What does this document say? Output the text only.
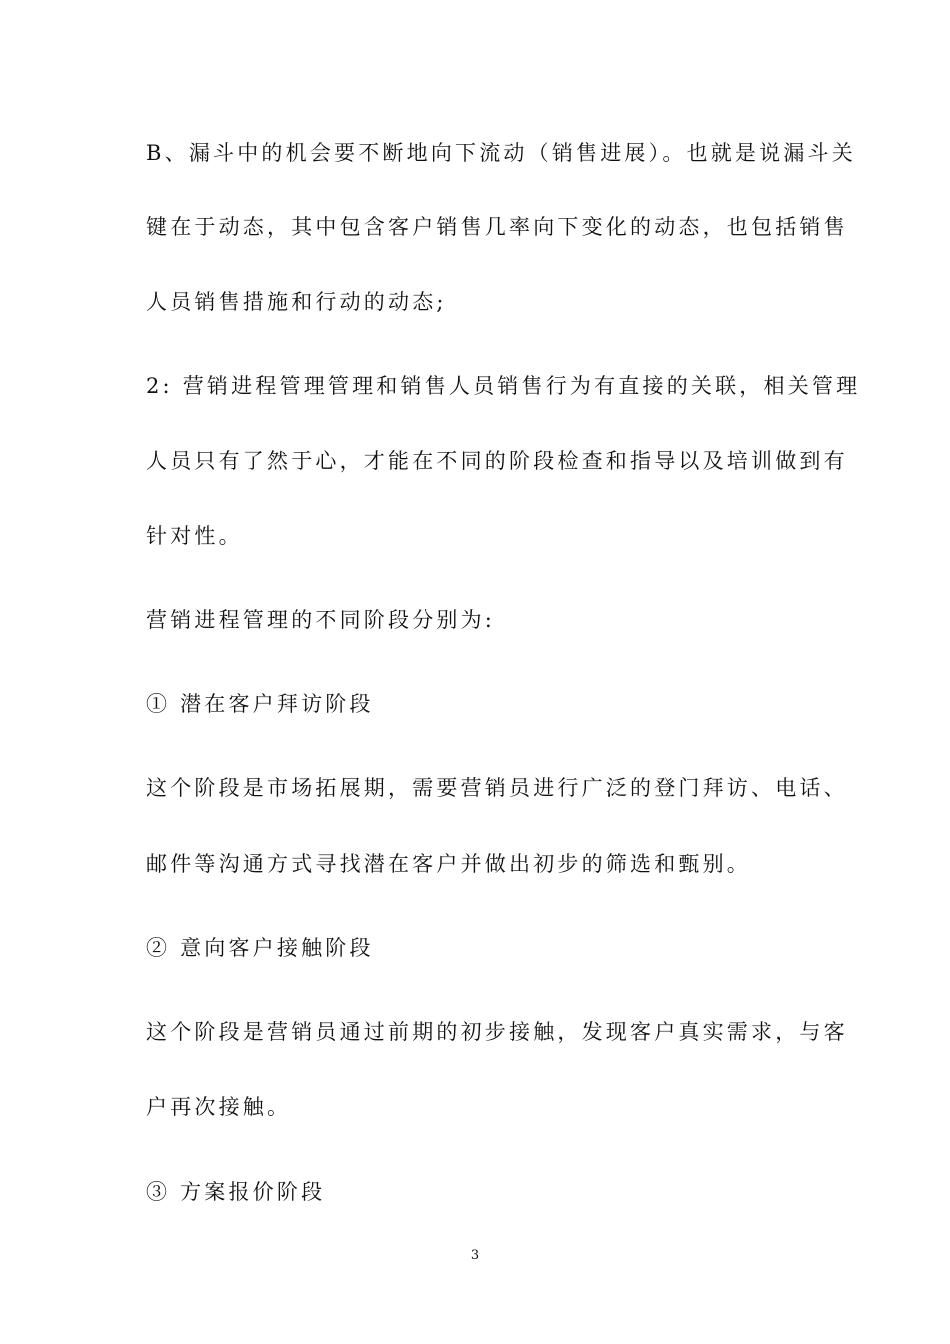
B、漏斗中的机会要不断地向下流动（销售进展）。也就是说漏斗关
键在于动态，其中包含客户销售几率向下变化的动态，也包括销售
人员销售措施和行动的动态;
2: 营销进程管理管理和销售人员销售行为有直接的关联，相关管理
人员只有了然于心，才能在不同的阶段检查和指导以及培训做到有
针对性。
营销进程管理的不同阶段分别为:
① 潜在客户拜访阶段
这个阶段是市场拓展期，需要营销员进行广泛的登门拜访、电话、
邮件等沟通方式寻找潜在客户并做出初步的筛选和甄别。
② 意向客户接触阶段
这个阶段是营销员通过前期的初步接触，发现客户真实需求，与客
户再次接触。
③ 方案报价阶段
3
